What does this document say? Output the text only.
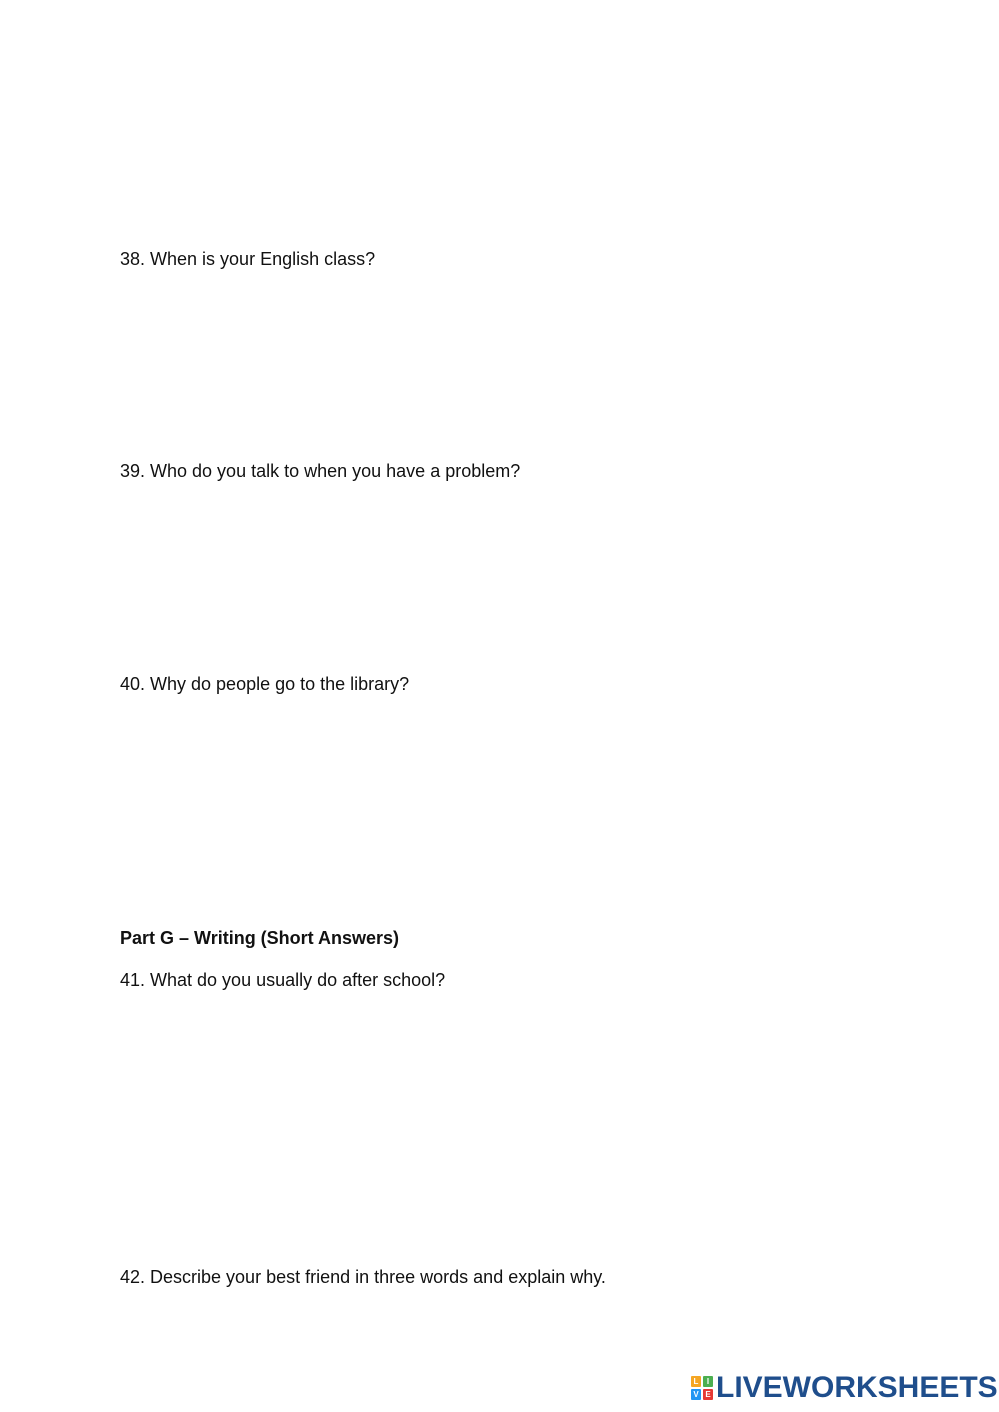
38. When is your English class?
39. Who do you talk to when you have a problem?
40. Why do people go to the library?
Part G – Writing (Short Answers)
41. What do you usually do after school?
42. Describe your best friend in three words and explain why.
L	I
V E LIVEWORKSHEETS
